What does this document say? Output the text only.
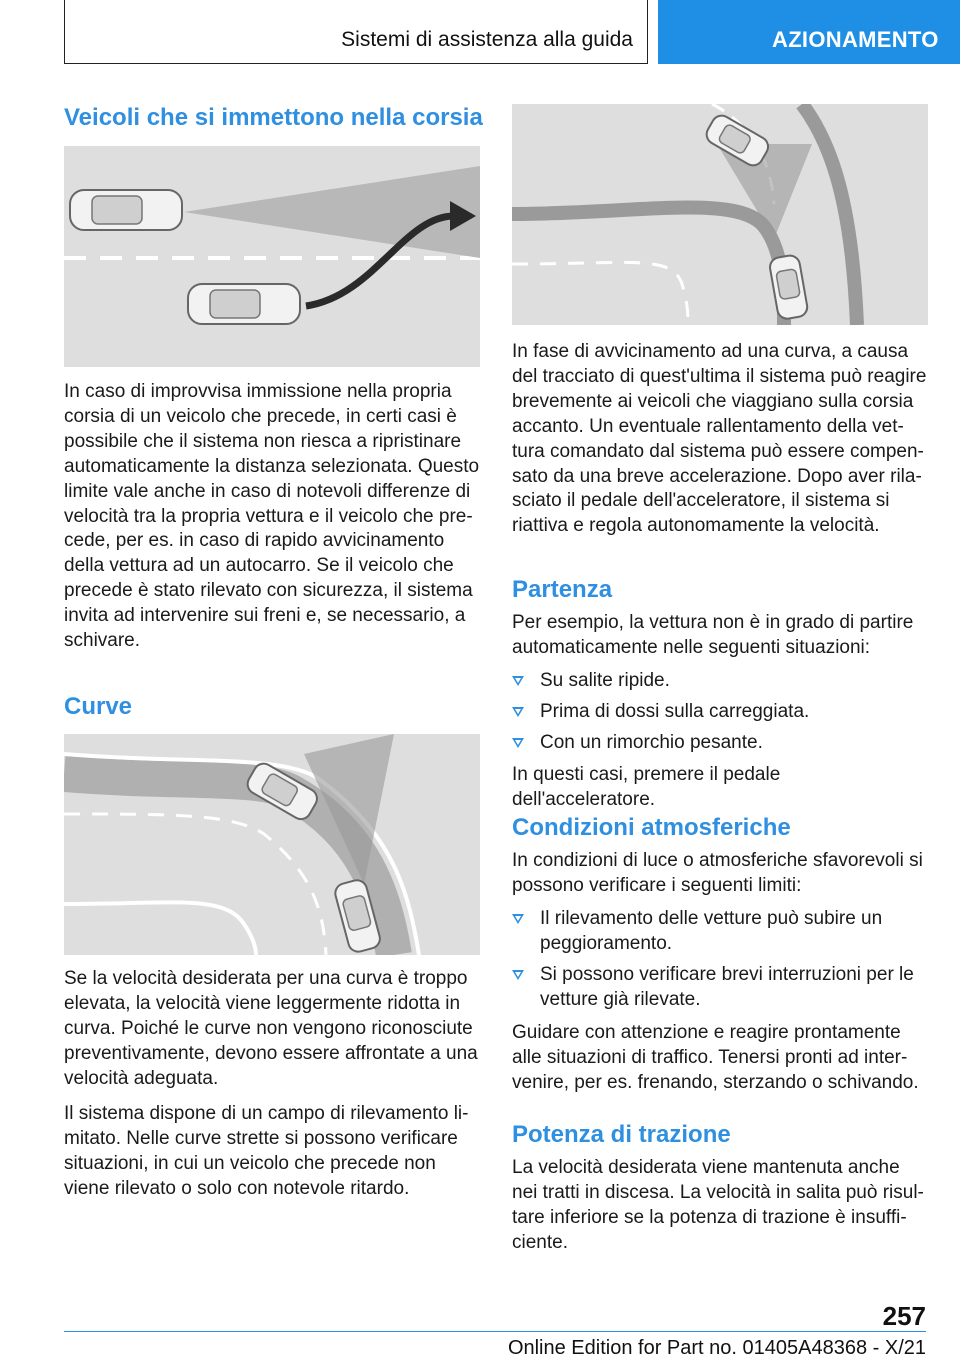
Sistemi di assistenza alla guida	AZIONAMENTO
Veicoli che si immettono nella corsia

In caso di improvvisa immissione nella propria
corsia di un veicolo che precede, in certi casi è
possibile che il sistema non riesca a ripristinare
automaticamente la distanza selezionata. Questo
limite vale anche in caso di notevoli differenze di
velocità tra la propria vettura e il veicolo che pre‐
cede, per es. in caso di rapido avvicinamento
della vettura ad un autocarro. Se il veicolo che
precede è stato rilevato con sicurezza, il sistema
invita ad intervenire sui freni e, se necessario, a
schivare.

Curve

Se la velocità desiderata per una curva è troppo
elevata, la velocità viene leggermente ridotta in
curva. Poiché le curve non vengono riconosciute
preventivamente, devono essere affrontate a una
velocità adeguata.

Il sistema dispone di un campo di rilevamento li‐
mitato. Nelle curve strette si possono verificare
situazioni, in cui un veicolo che precede non
viene rilevato o solo con notevole ritardo.

In fase di avvicinamento ad una curva, a causa
del tracciato di quest'ultima il sistema può reagire
brevemente ai veicoli che viaggiano sulla corsia
accanto. Un eventuale rallentamento della vet‐
tura comandato dal sistema può essere compen‐
sato da una breve accelerazione. Dopo aver rila‐
sciato il pedale dell'acceleratore, il sistema si
riattiva e regola autonomamente la velocità.

Partenza

Per esempio, la vettura non è in grado di partire
automaticamente nelle seguenti situazioni:

Su salite ripide.
Prima di dossi sulla carreggiata.
Con un rimorchio pesante.

In questi casi, premere il pedale dell'acceleratore.

Condizioni atmosferiche

In condizioni di luce o atmosferiche sfavorevoli si
possono verificare i seguenti limiti:

Il rilevamento delle vetture può subire un
peggioramento.
Si possono verificare brevi interruzioni per le
vetture già rilevate.

Guidare con attenzione e reagire prontamente
alle situazioni di traffico. Tenersi pronti ad inter‐
venire, per es. frenando, sterzando o schivando.

Potenza di trazione

La velocità desiderata viene mantenuta anche
nei tratti in discesa. La velocità in salita può risul‐
tare inferiore se la potenza di trazione è insuffi‐
ciente.

257
Online Edition for Part no. 01405A48368 - X/21
